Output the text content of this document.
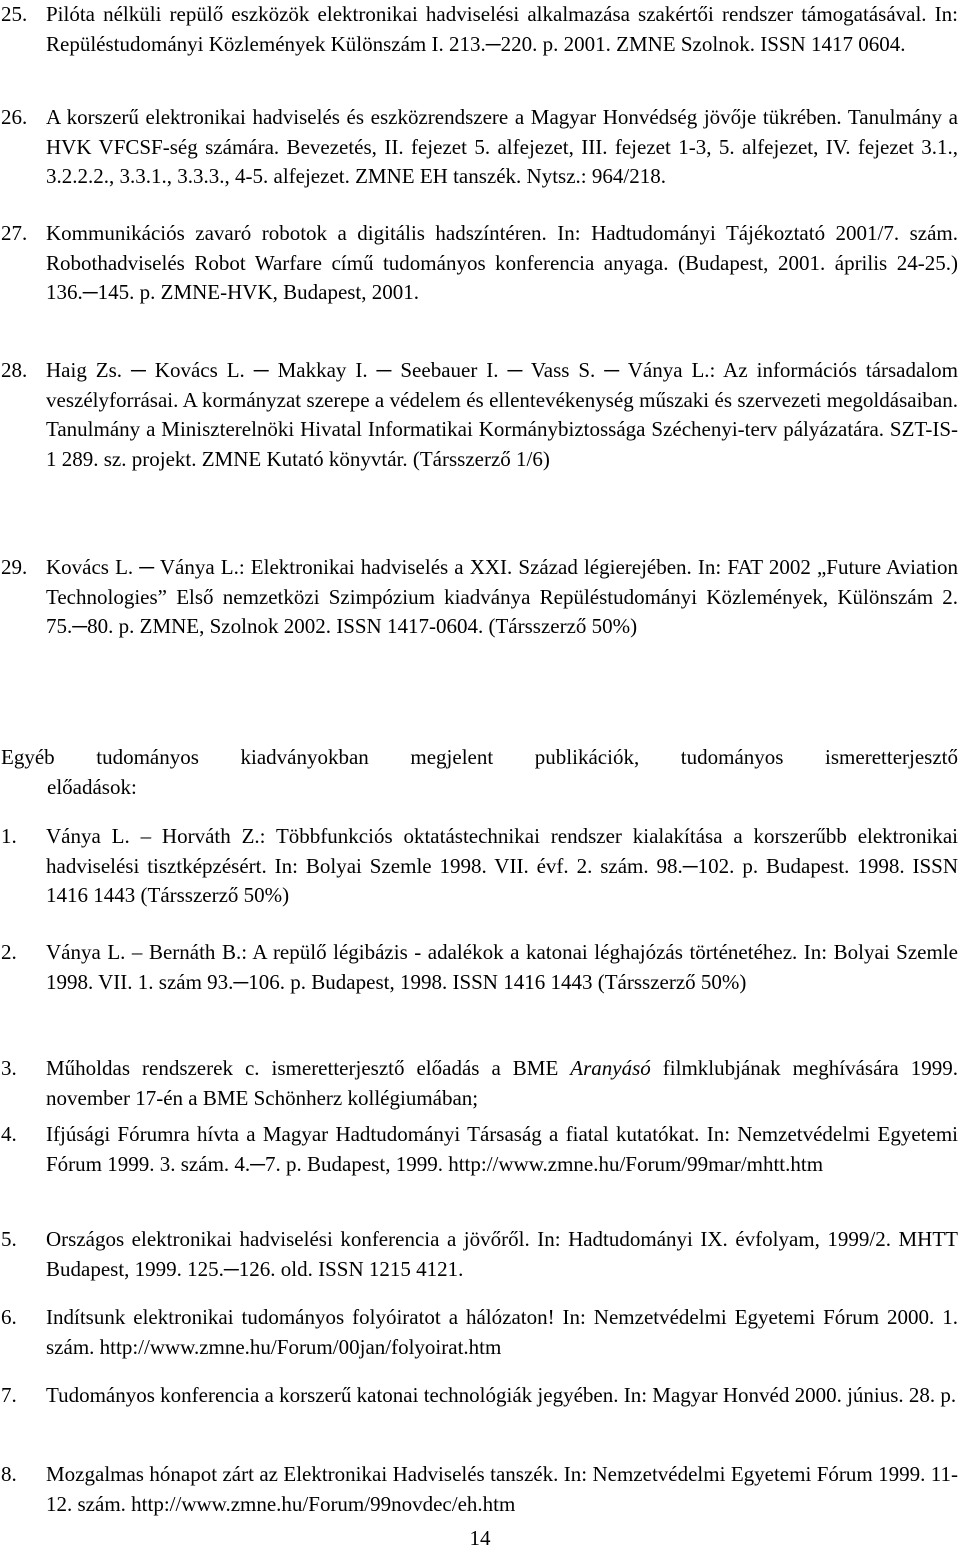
25. Pilóta nélküli repülő eszközök elektronikai hadviselési alkalmazása szakértői rendszer támogatásával. In: Repüléstudományi Közlemények Különszám I. 213.─220. p. 2001. ZMNE Szolnok. ISSN 1417 0604.
26. A korszerű elektronikai hadviselés és eszközrendszere a Magyar Honvédség jövője tükrében. Tanulmány a HVK VFCSF-ség számára. Bevezetés, II. fejezet 5. alfejezet, III. fejezet 1-3, 5. alfejezet, IV. fejezet 3.1., 3.2.2.2., 3.3.1., 3.3.3., 4-5. alfejezet. ZMNE EH tanszék. Nytsz.: 964/218.
27. Kommunikációs zavaró robotok a digitális hadszíntéren. In: Hadtudományi Tájékoztató 2001/7. szám. Robothadviselés Robot Warfare című tudományos konferencia anyaga. (Budapest, 2001. április 24-25.) 136.─145. p. ZMNE-HVK, Budapest, 2001.
28. Haig Zs. ─ Kovács L. ─ Makkay I. ─ Seebauer I. ─ Vass S. ─ Ványa L.: Az információs társadalom veszélyforrásai. A kormányzat szerepe a védelem és ellentevékenység műszaki és szervezeti megoldásaiban. Tanulmány a Miniszterelnöki Hivatal Informatikai Kormánybiztossága Széchenyi-terv pályázatára. SZT-IS-1 289. sz. projekt. ZMNE Kutató könyvtár. (Társszerző 1/6)
29. Kovács L. ─ Ványa L.: Elektronikai hadviselés a XXI. Század légierejében. In: FAT 2002 „Future Aviation Technologies” Első nemzetközi Szimpózium kiadványa Repüléstudományi Közlemények, Különszám 2. 75.─80. p. ZMNE, Szolnok 2002. ISSN 1417-0604. (Társszerző 50%)
Egyéb tudományos kiadványokban megjelent publikációk, tudományos ismeretterjesztő
előadások:
1. Ványa L. – Horváth Z.: Többfunkciós oktatástechnikai rendszer kialakítása a korszerűbb elektronikai hadviselési tisztképzésért. In: Bolyai Szemle 1998. VII. évf. 2. szám. 98.─102. p. Budapest. 1998. ISSN 1416 1443 (Társszerző 50%)
2. Ványa L. – Bernáth B.: A repülő légibázis - adalékok a katonai léghajózás történetéhez. In: Bolyai Szemle 1998. VII. 1. szám 93.─106. p. Budapest, 1998. ISSN 1416 1443 (Társszerző 50%)
3. Műholdas rendszerek c. ismeretterjesztő előadás a BME Aranyásó filmklubjának meghívására 1999. november 17-én a BME Schönherz kollégiumában;
4. Ifjúsági Fórumra hívta a Magyar Hadtudományi Társaság a fiatal kutatókat. In: Nemzetvédelmi Egyetemi Fórum 1999. 3. szám. 4.─7. p. Budapest, 1999. http://www.zmne.hu/Forum/99mar/mhtt.htm
5. Országos elektronikai hadviselési konferencia a jövőről. In: Hadtudományi IX. évfolyam, 1999/2. MHTT Budapest, 1999. 125.─126. old. ISSN 1215 4121.
6. Indítsunk elektronikai tudományos folyóiratot a hálózaton! In: Nemzetvédelmi Egyetemi Fórum 2000. 1. szám. http://www.zmne.hu/Forum/00jan/folyoirat.htm
7. Tudományos konferencia a korszerű katonai technológiák jegyében. In: Magyar Honvéd 2000. június. 28. p.
8. Mozgalmas hónapot zárt az Elektronikai Hadviselés tanszék. In: Nemzetvédelmi Egyetemi Fórum 1999. 11-12. szám. http://www.zmne.hu/Forum/99novdec/eh.htm
14
